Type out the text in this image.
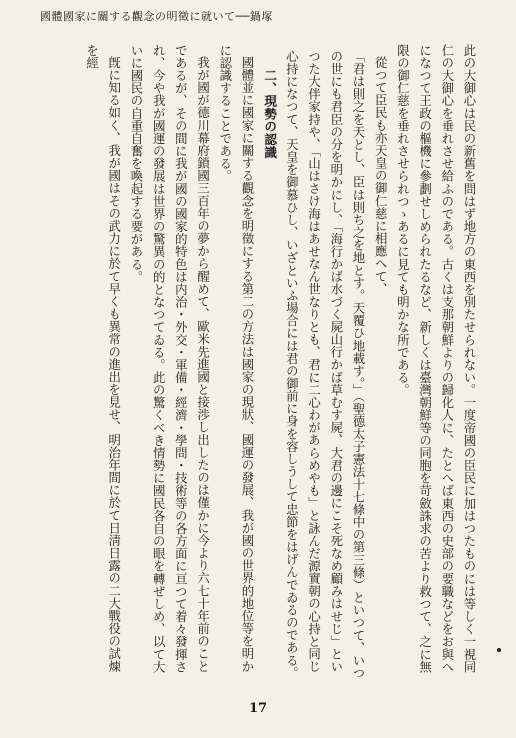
國體國家に關する觀念の明徵に就いて──鍋塚

此の大御心は民の新舊を問はず地方の東西を別たせられない。一度帝國の臣民に加はつたものには等しく一視同仁の大御心を垂れさせ給ふのである。古くは支那朝鮮よりの歸化人に、たとへば東西の史部の要職などをお與へになつて王政の樞機に參劃せしめられたるなど、新しくは臺灣朝鮮等の同胞を苛斂誅求の苦より救つて、之に無限の御仁慈を垂れさせられつゝあるに見ても明かな所である。

從つて臣民も亦天皇の御仁慈に相應へて、

「君は則之を天とし、臣は則ち之を地とす。天覆ひ地載す。」（聖德太子憲法十七條中の第三條）といつて、いつの世にも君臣の分を明かにし、「海行かば水づく屍山行かば草むす屍、大君の邊にこそ死なめ顧みはせじ」といつた大伴家持や、「山はさけ海はあせなん世なりとも、君に二心わがあらめやも」と詠んだ源實朝の心持と同じ心持になつて、天皇を御慕ひし、いざといふ場合には君の御前に身を容しうして忠節をはげんでゐるのである。

二、現勢の認識

國體並に國家に關する觀念を明徵にする第二の方法は國家の現狀、國運の發展、我が國の世界的地位等を明かに認識することである。

我が國が德川幕府鎖國三百年の夢から醒めて、歐米先進國と接渉し出したのは僅かに今より六七十年前のことであるが、その間に我が國の國家的特色は内治・外交・軍備・經濟・學問・技術等の各方面に亘つて着々發揮され、今や我が國運の發展は世界の驚異の的となつてゐる。此の驚くべき情勢に國民各自の眼を轉ぜしめ、以て大いに國民の自重自奮を喚起する要がある。

旣に知る如く、我が國はその武力に於て早くも異常の進出を見せ、明治年間に於て日淸日露の二大戰役の試煉を經

17
